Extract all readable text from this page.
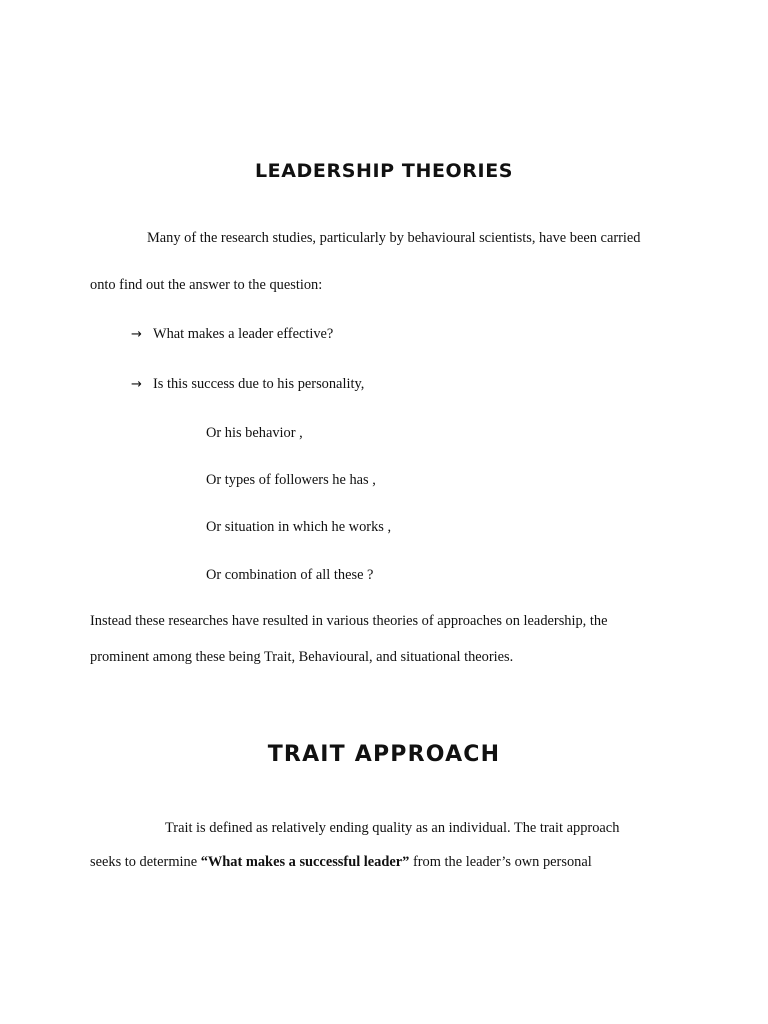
LEADERSHIP THEORIES

Many of the research studies, particularly by behavioural scientists, have been carried

onto find out the answer to the question:

→ What makes a leader effective?

→ Is this success due to his personality,

Or his behavior ,

Or types of followers he has ,

Or situation in which he works ,

Or combination of all these ?

Instead these researches have resulted in various theories of approaches on leadership, the

prominent among these being Trait, Behavioural, and situational theories.

TRAIT APPROACH

Trait is defined as relatively ending quality as an individual. The trait approach

seeks to determine “What makes a successful leader” from the leader’s own personal
